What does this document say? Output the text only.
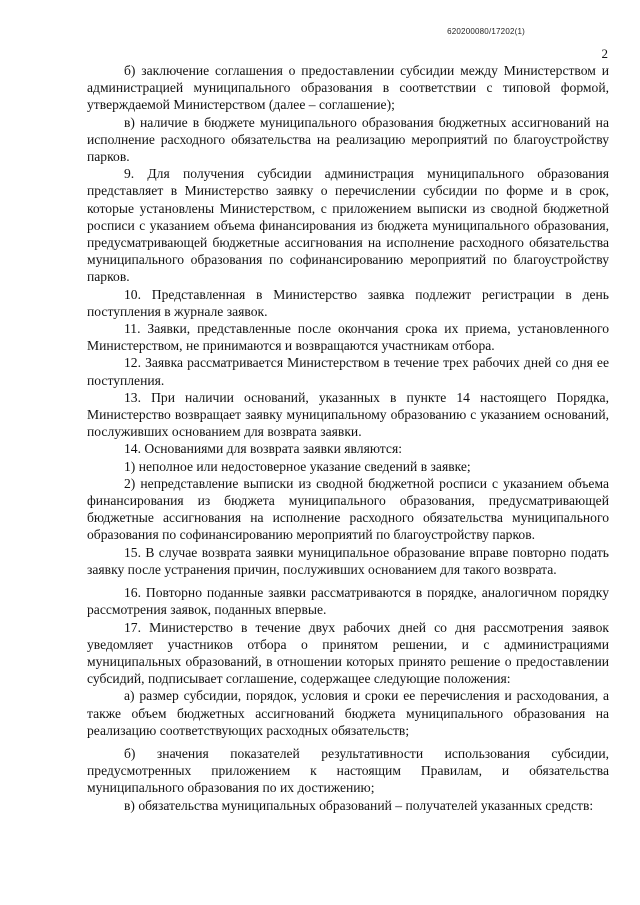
620200080/17202(1)
2

б) заключение соглашения о предоставлении субсидии между Министерством и администрацией муниципального образования в соответствии с типовой формой, утверждаемой Министерством (далее – соглашение);

в) наличие в бюджете муниципального образования бюджетных ассигнований на исполнение расходного обязательства на реализацию мероприятий по благоустройству парков.

9. Для получения субсидии администрация муниципального образования представляет в Министерство заявку о перечислении субсидии по форме и в срок, которые установлены Министерством, с приложением выписки из сводной бюджетной росписи с указанием объема финансирования из бюджета муниципального образования, предусматривающей бюджетные ассигнования на исполнение расходного обязательства муниципального образования по софинансированию мероприятий по благоустройству парков.

10. Представленная в Министерство заявка подлежит регистрации в день поступления в журнале заявок.

11. Заявки, представленные после окончания срока их приема, установленного Министерством, не принимаются и возвращаются участникам отбора.

12. Заявка рассматривается Министерством в течение трех рабочих дней со дня ее поступления.

13. При наличии оснований, указанных в пункте 14 настоящего Порядка, Министерство возвращает заявку муниципальному образованию с указанием оснований, послуживших основанием для возврата заявки.

14. Основаниями для возврата заявки являются:

1) неполное или недостоверное указание сведений в заявке;

2) непредставление выписки из сводной бюджетной росписи с указанием объема финансирования из бюджета муниципального образования, предусматривающей бюджетные ассигнования на исполнение расходного обязательства муниципального образования по софинансированию мероприятий по благоустройству парков.

15. В случае возврата заявки муниципальное образование вправе повторно подать заявку после устранения причин, послуживших основанием для такого возврата.

16. Повторно поданные заявки рассматриваются в порядке, аналогичном порядку рассмотрения заявок, поданных впервые.

17. Министерство в течение двух рабочих дней со дня рассмотрения заявок уведомляет участников отбора о принятом решении, и с администрациями муниципальных образований, в отношении которых принято решение о предоставлении субсидий, подписывает соглашение, содержащее следующие положения:

а) размер субсидии, порядок, условия и сроки ее перечисления и расходования, а также объем бюджетных ассигнований бюджета муниципального образования на реализацию соответствующих расходных обязательств;

б) значения показателей результативности использования субсидии, предусмотренных приложением к настоящим Правилам, и обязательства муниципального образования по их достижению;

в) обязательства муниципальных образований – получателей указанных средств:
